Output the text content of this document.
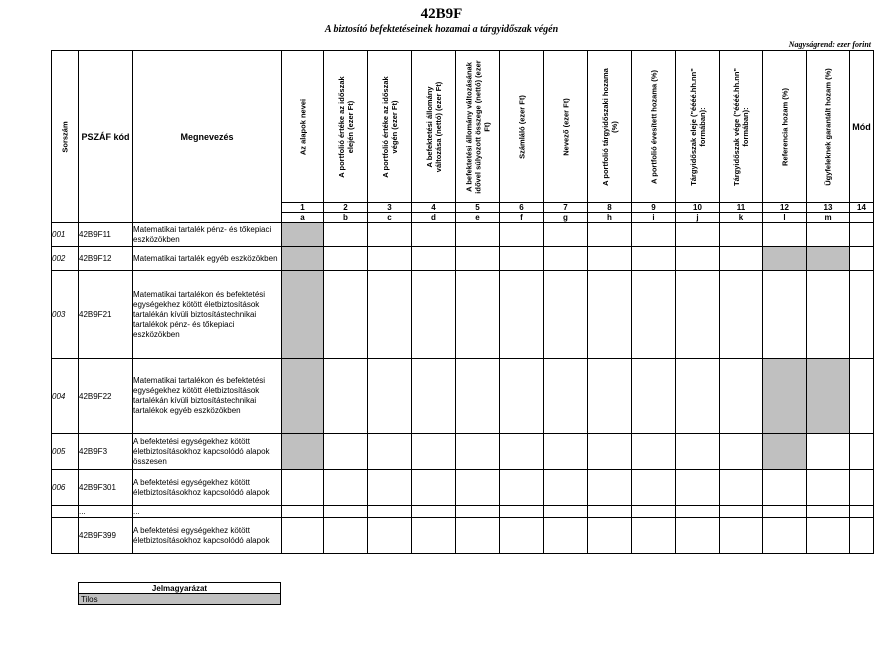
42B9F
A biztosító befektetéseinek hozamai a tárgyidőszak végén
Nagyságrend: ezer forint
Sorszám	PSZÁF kód	Megnevezés	Az alapok nevei	A portfolió értéke az időszak elején (ezer Ft)	A portfolió értéke az időszak végén (ezer Ft)	A befektetési állomány változása (nettó) (ezer Ft)	A befektetési állomány változásának idővel súlyozott összege (nettó) (ezer Ft)	Számláló (ezer Ft)	Nevező (ezer Ft)	A portfolió tárgyidőszaki hozama (%)	A portfolió évesített hozama (%)	Tárgyidőszak eleje ("éééé.hh.nn" formában):	Tárgyidőszak vége ("éééé.hh.nn" formában):	Referencia hozam (%)	Ügyfeleknek garantált hozam (%)	Mód
			1	2	3	4	5	6	7	8	9	10	11	12	13	14
			a	b	c	d	e	f	g	h	i	j	k	l	m	
001	42B9F11	Matematikai tartalék pénz- és tőkepiaci eszközökben														
002	42B9F12	Matematikai tartalék egyéb eszközökben														
003	42B9F21	Matematikai tartalékon és befektetési egységekhez kötött életbiztosítások tartalékán kívüli biztosítástechnikai tartalékok pénz- és tőkepiaci eszközökben														
004	42B9F22	Matematikai tartalékon és befektetési egységekhez kötött életbiztosítások tartalékán kívüli biztosítástechnikai tartalékok egyéb eszközökben														
005	42B9F3	A befektetési egységekhez kötött életbiztosításokhoz kapcsolódó alapok összesen														
006	42B9F301	A befektetési egységekhez kötött életbiztosításokhoz kapcsolódó alapok														
	...	...														
	42B9F399	A befektetési egységekhez kötött életbiztosításokhoz kapcsolódó alapok														
Jelmagyarázat
Tilos
